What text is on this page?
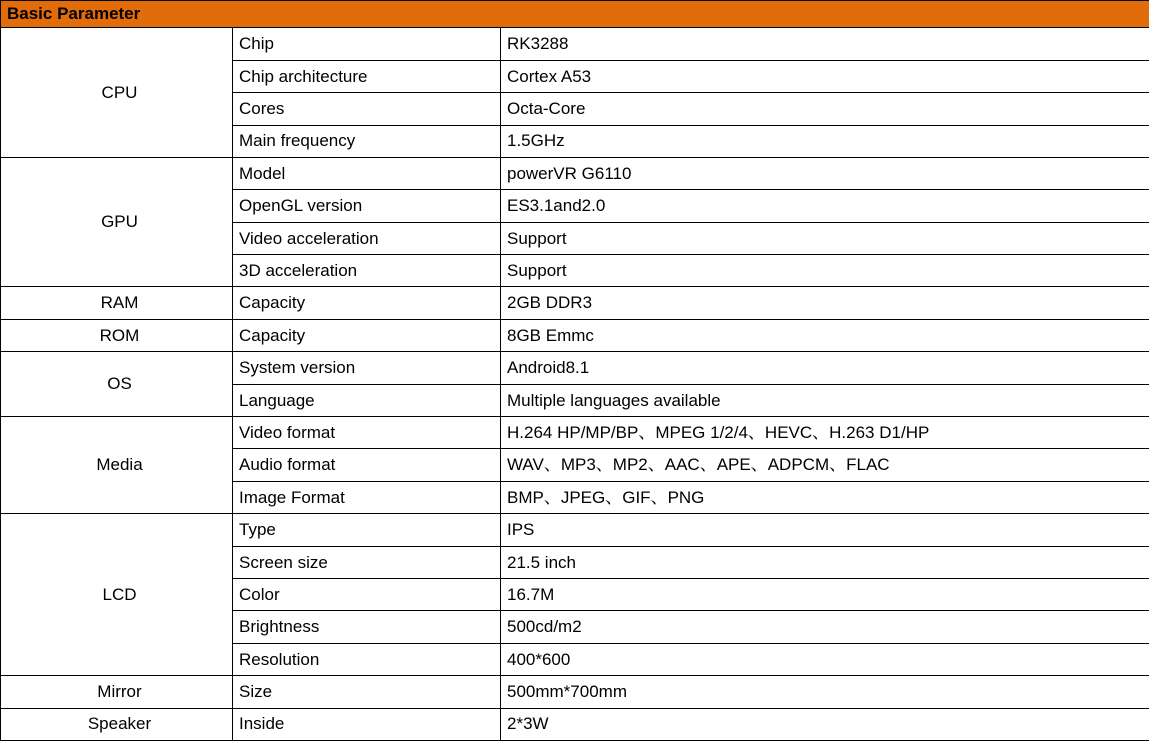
Basic Parameter		
CPU	Chip	RK3288
	Chip architecture	Cortex A53
	Cores	Octa-Core
	Main frequency	1.5GHz
GPU	Model	powerVR G6110
	OpenGL version	ES3.1and2.0
	Video acceleration	Support
	3D acceleration	Support
RAM	Capacity	2GB DDR3
ROM	Capacity	8GB Emmc
OS	System version	Android8.1
	Language	Multiple languages available
Media	Video format	H.264 HP/MP/BP、MPEG 1/2/4、HEVC、H.263 D1/HP
	Audio format	WAV、MP3、MP2、AAC、APE、ADPCM、FLAC
	Image Format	BMP、JPEG、GIF、PNG
LCD	Type	IPS
	Screen size	21.5 inch
	Color	16.7M
	Brightness	500cd/m2
	Resolution	400*600
Mirror	Size	500mm*700mm
Speaker	Inside	2*3W
